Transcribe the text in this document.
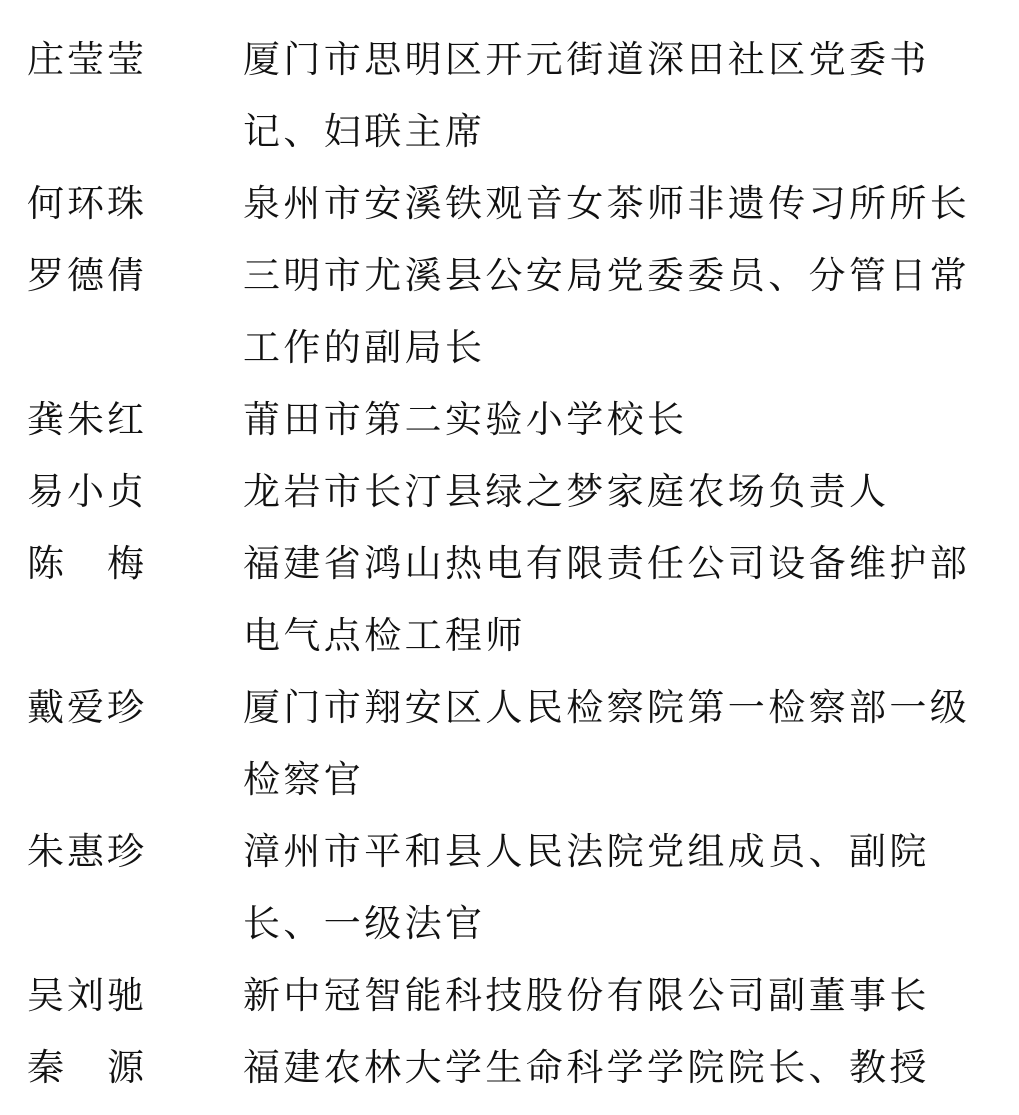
庄莹莹	厦门市思明区开元街道深田社区党委书记、妇联主席
何环珠	泉州市安溪铁观音女茶师非遗传习所所长
罗德倩	三明市尤溪县公安局党委委员、分管日常工作的副局长
龚朱红	莆田市第二实验小学校长
易小贞	龙岩市长汀县绿之梦家庭农场负责人
陈　梅	福建省鸿山热电有限责任公司设备维护部电气点检工程师
戴爱珍	厦门市翔安区人民检察院第一检察部一级检察官
朱惠珍	漳州市平和县人民法院党组成员、副院长、一级法官
吴刘驰	新中冠智能科技股份有限公司副董事长
秦　源	福建农林大学生命科学学院院长、教授
